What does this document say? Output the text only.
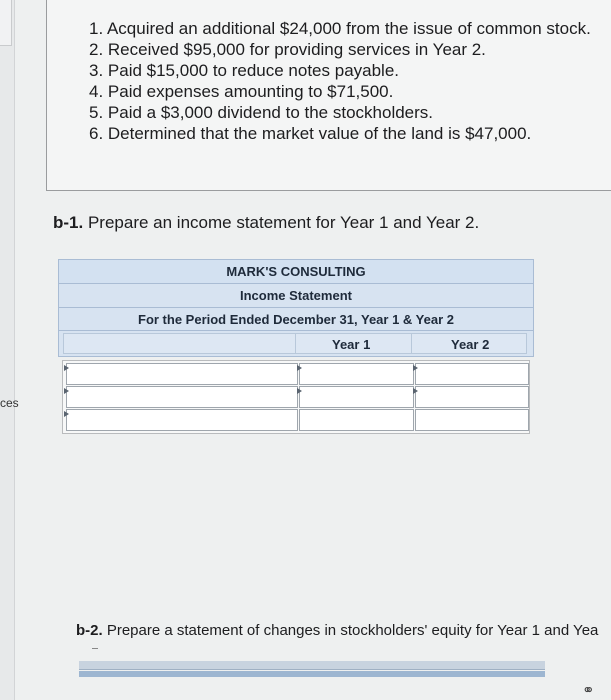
ces
1. Acquired an additional $24,000 from the issue of common stock.
2. Received $95,000 for providing services in Year 2.
3. Paid $15,000 to reduce notes payable.
4. Paid expenses amounting to $71,500.
5. Paid a $3,000 dividend to the stockholders.
6. Determined that the market value of the land is $47,000.
b-1. Prepare an income statement for Year 1 and Year 2.
MARK'S CONSULTING
Income Statement
For the Period Ended December 31, Year 1 & Year 2
Year 1	Year 2
b-2. Prepare a statement of changes in stockholders' equity for Year 1 and Yea
⚭
